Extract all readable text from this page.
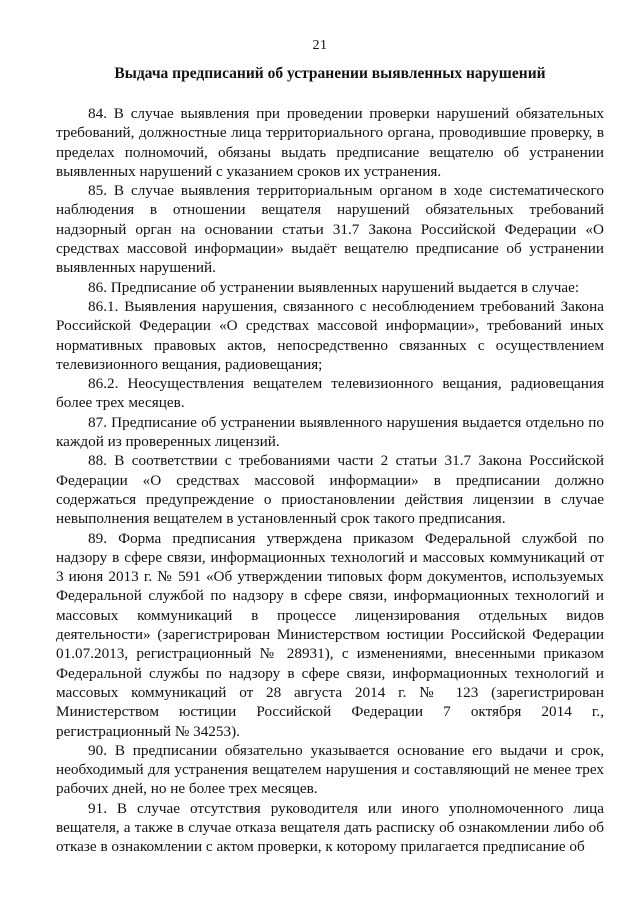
21
Выдача предписаний об устранении выявленных нарушений

84. В случае выявления при проведении проверки нарушений обязательных требований, должностные лица территориального органа, проводившие проверку, в пределах полномочий, обязаны выдать предписание вещателю об устранении выявленных нарушений с указанием сроков их устранения.

85. В случае выявления территориальным органом в ходе систематического наблюдения в отношении вещателя нарушений обязательных требований надзорный орган на основании статьи 31.7 Закона Российской Федерации «О средствах массовой информации» выдаёт вещателю предписание об устранении выявленных нарушений.

86. Предписание об устранении выявленных нарушений выдается в случае:

86.1. Выявления нарушения, связанного с несоблюдением требований Закона Российской Федерации «О средствах массовой информации», требований иных нормативных правовых актов, непосредственно связанных с осуществлением телевизионного вещания, радиовещания;

86.2. Неосуществления вещателем телевизионного вещания, радиовещания более трех месяцев.

87. Предписание об устранении выявленного нарушения выдается отдельно по каждой из проверенных лицензий.

88. В соответствии с требованиями части 2 статьи 31.7 Закона Российской Федерации «О средствах массовой информации» в предписании должно содержаться предупреждение о приостановлении действия лицензии в случае невыполнения вещателем в установленный срок такого предписания.

89. Форма предписания утверждена приказом Федеральной службой по надзору в сфере связи, информационных технологий и массовых коммуникаций от 3 июня 2013 г. № 591 «Об утверждении типовых форм документов, используемых Федеральной службой по надзору в сфере связи, информационных технологий и массовых коммуникаций в процессе лицензирования отдельных видов деятельности» (зарегистрирован Министерством юстиции Российской Федерации 01.07.2013, регистрационный № 28931), с изменениями, внесенными приказом Федеральной службы по надзору в сфере связи, информационных технологий и массовых коммуникаций от 28 августа 2014 г. № 123 (зарегистрирован Министерством юстиции Российской Федерации 7 октября 2014 г., регистрационный № 34253).

90. В предписании обязательно указывается основание его выдачи и срок, необходимый для устранения вещателем нарушения и составляющий не менее трех рабочих дней, но не более трех месяцев.

91. В случае отсутствия руководителя или иного уполномоченного лица вещателя, а также в случае отказа вещателя дать расписку об ознакомлении либо об отказе в ознакомлении с актом проверки, к которому прилагается предписание об
